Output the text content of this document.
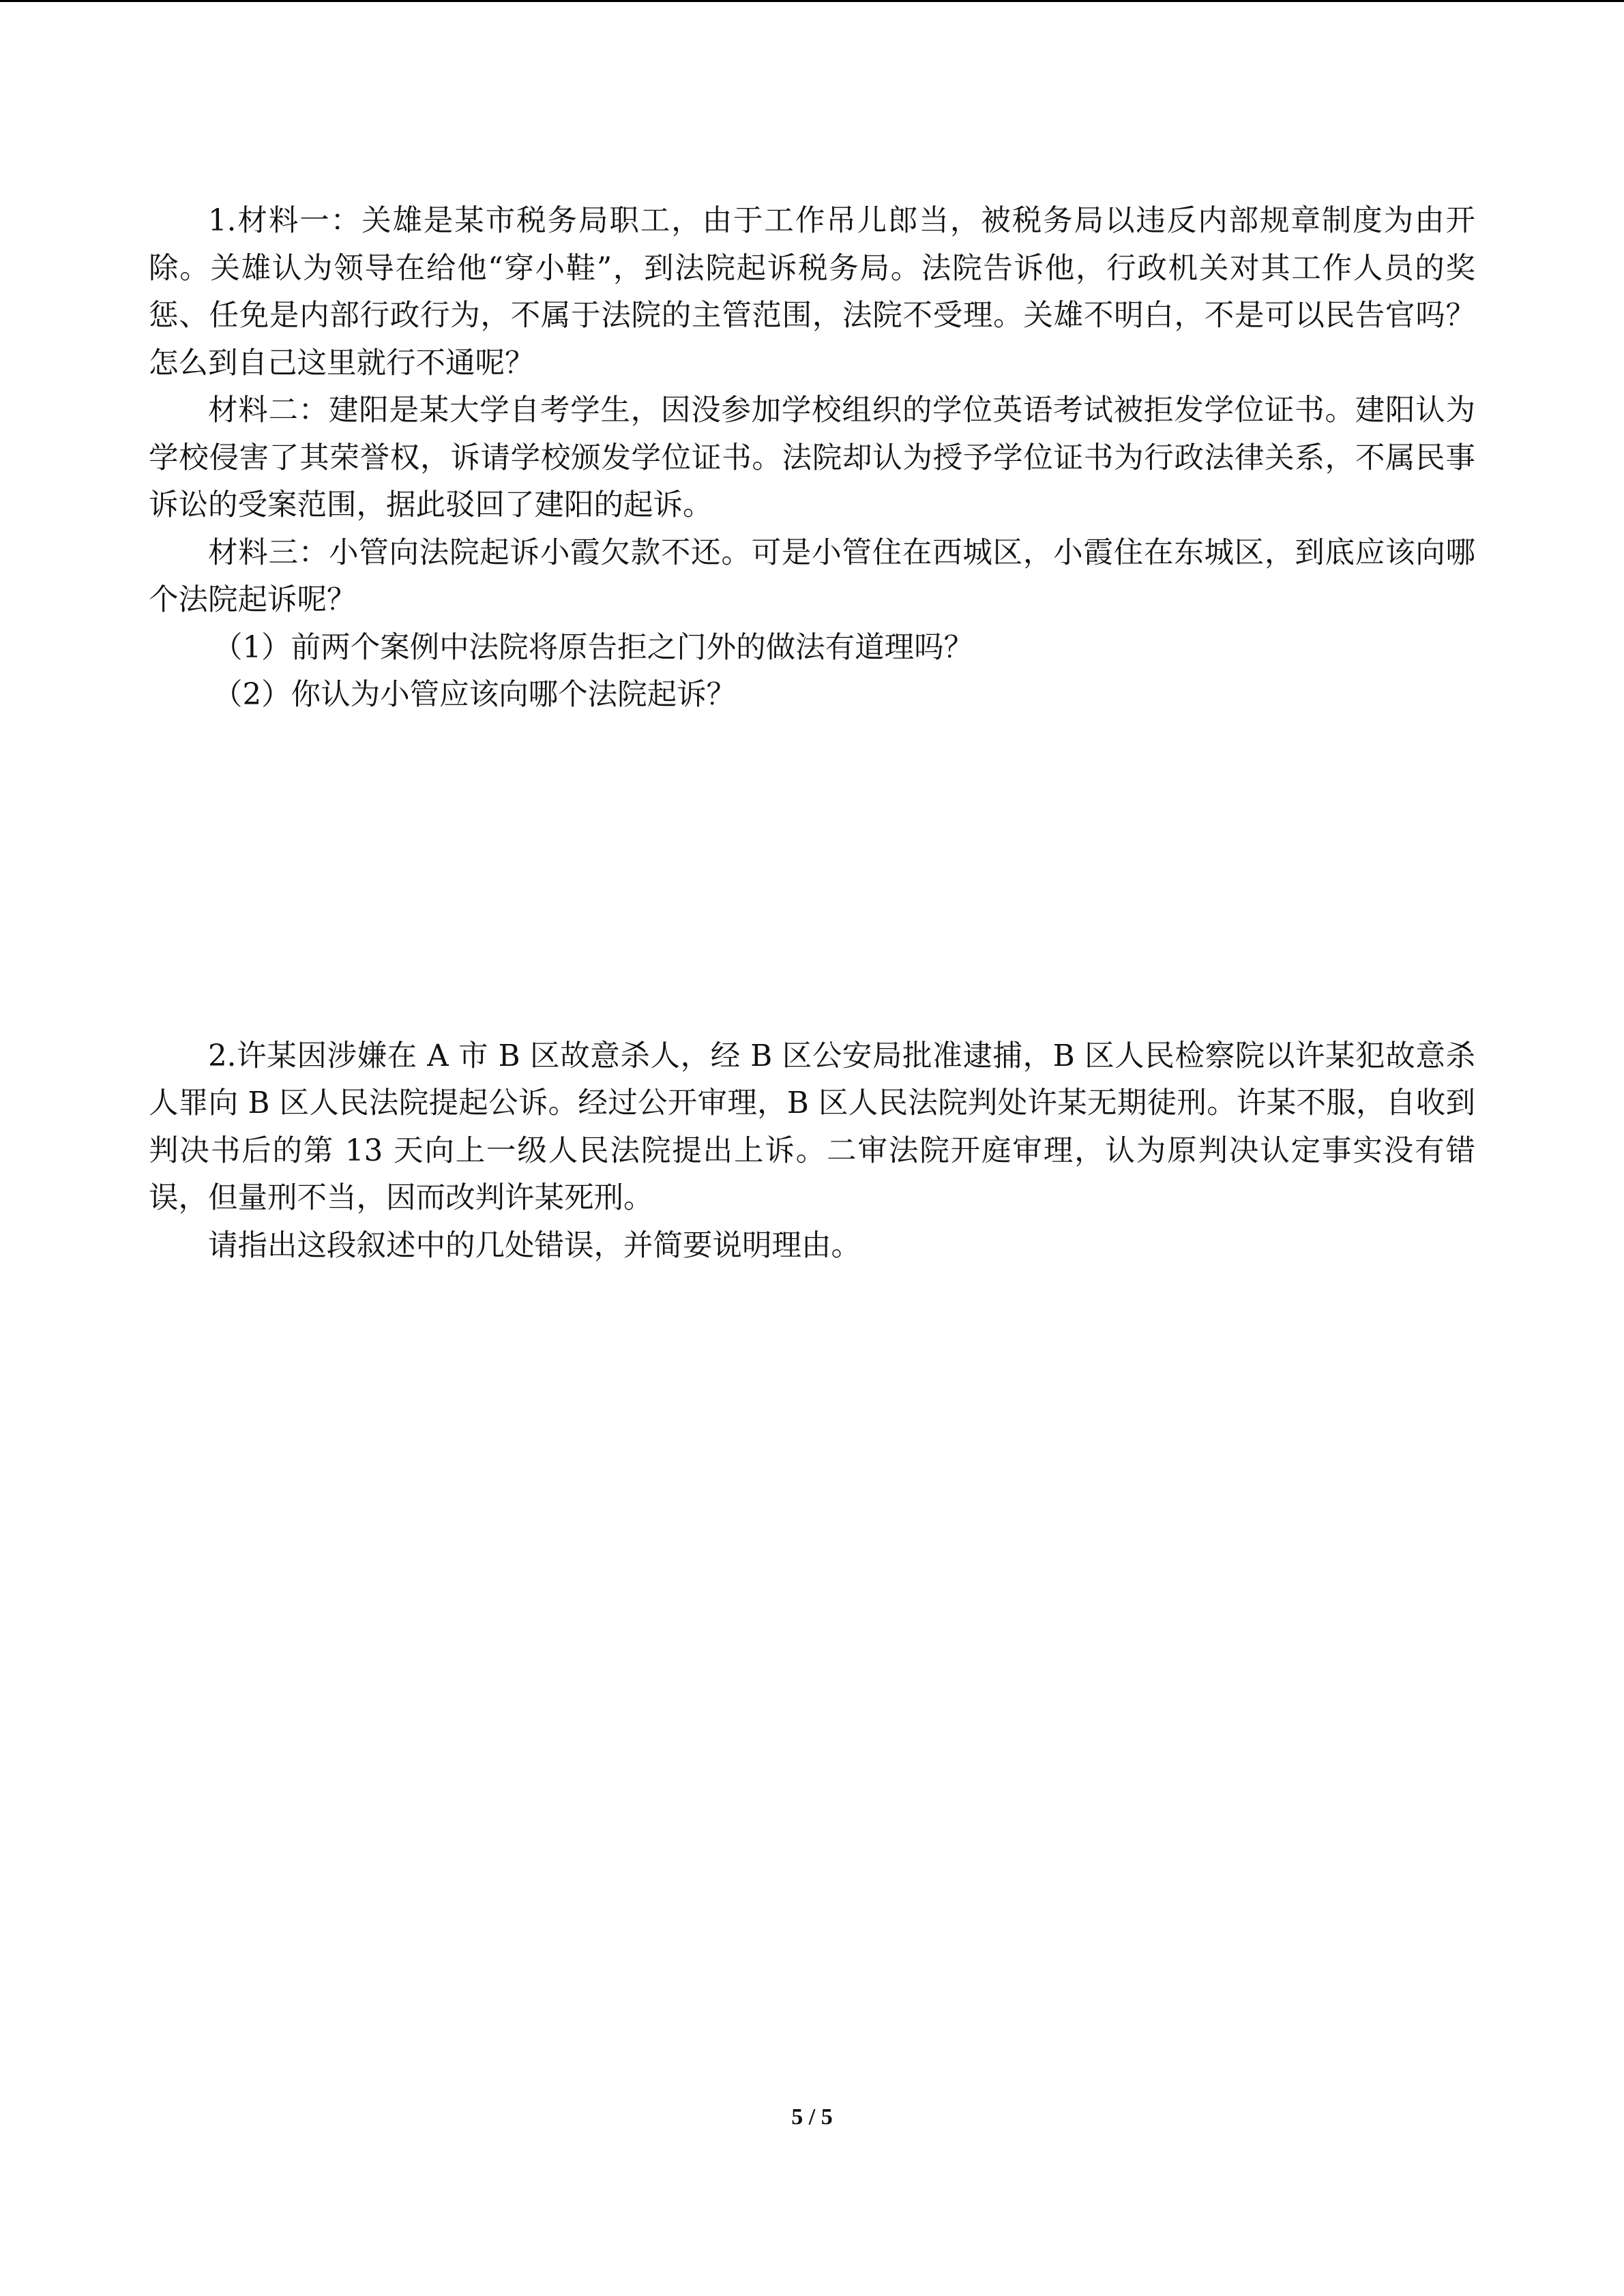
1.材料一：关雄是某市税务局职工，由于工作吊儿郎当，被税务局以违反内部规章制度为由开除。关雄认为领导在给他“穿小鞋”，到法院起诉税务局。法院告诉他，行政机关对其工作人员的奖惩、任免是内部行政行为，不属于法院的主管范围，法院不受理。关雄不明白，不是可以民告官吗？怎么到自己这里就行不通呢？

材料二：建阳是某大学自考学生，因没参加学校组织的学位英语考试被拒发学位证书。建阳认为学校侵害了其荣誉权，诉请学校颁发学位证书。法院却认为授予学位证书为行政法律关系，不属民事诉讼的受案范围，据此驳回了建阳的起诉。

材料三：小管向法院起诉小霞欠款不还。可是小管住在西城区，小霞住在东城区，到底应该向哪个法院起诉呢？

（1）前两个案例中法院将原告拒之门外的做法有道理吗？

（2）你认为小管应该向哪个法院起诉？

2.许某因涉嫌在 A 市 B 区故意杀人，经 B 区公安局批准逮捕，B 区人民检察院以许某犯故意杀人罪向 B 区人民法院提起公诉。经过公开审理，B 区人民法院判处许某无期徒刑。许某不服，自收到判决书后的第 13 天向上一级人民法院提出上诉。二审法院开庭审理，认为原判决认定事实没有错误，但量刑不当，因而改判许某死刑。

请指出这段叙述中的几处错误，并简要说明理由。

5 / 5
